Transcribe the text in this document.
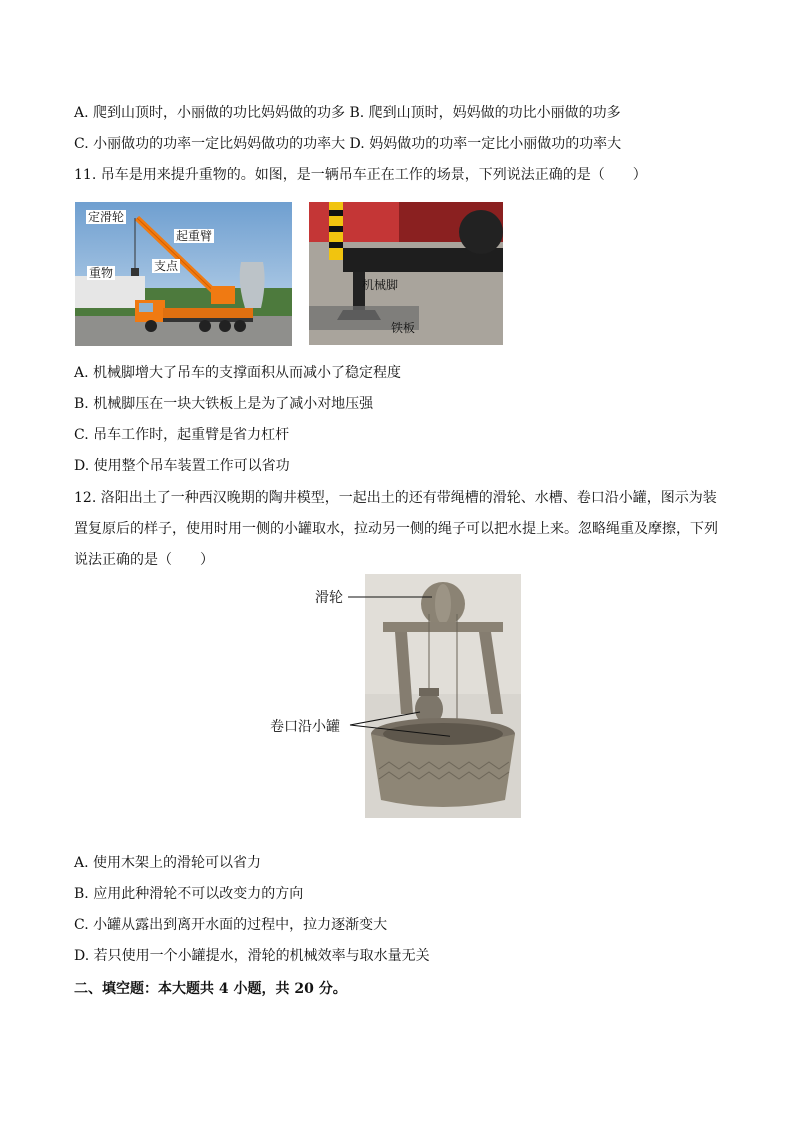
A. 爬到山顶时，小丽做的功比妈妈做的功多 B. 爬到山顶时，妈妈做的功比小丽做的功多
C. 小丽做功的功率一定比妈妈做功的功率大 D. 妈妈做功的功率一定比小丽做功的功率大
11. 吊车是用来提升重物的。如图，是一辆吊车正在工作的场景，下列说法正确的是（　　）
定滑轮
起重臂
重物	支点
机械脚
铁板
A. 机械脚增大了吊车的支撑面积从而减小了稳定程度
B. 机械脚压在一块大铁板上是为了减小对地压强
C. 吊车工作时，起重臂是省力杠杆
D. 使用整个吊车装置工作可以省功
12. 洛阳出土了一种西汉晚期的陶井模型，一起出土的还有带绳槽的滑轮、水槽、卷口沿小罐，图示为装置复原后的样子，使用时用一侧的小罐取水，拉动另一侧的绳子可以把水提上来。忽略绳重及摩擦，下列说法正确的是（　　）
滑轮
卷口沿小罐
A. 使用木架上的滑轮可以省力
B. 应用此种滑轮不可以改变力的方向
C. 小罐从露出到离开水面的过程中，拉力逐渐变大
D. 若只使用一个小罐提水，滑轮的机械效率与取水量无关
二、填空题：本大题共 4 小题，共 20 分。
